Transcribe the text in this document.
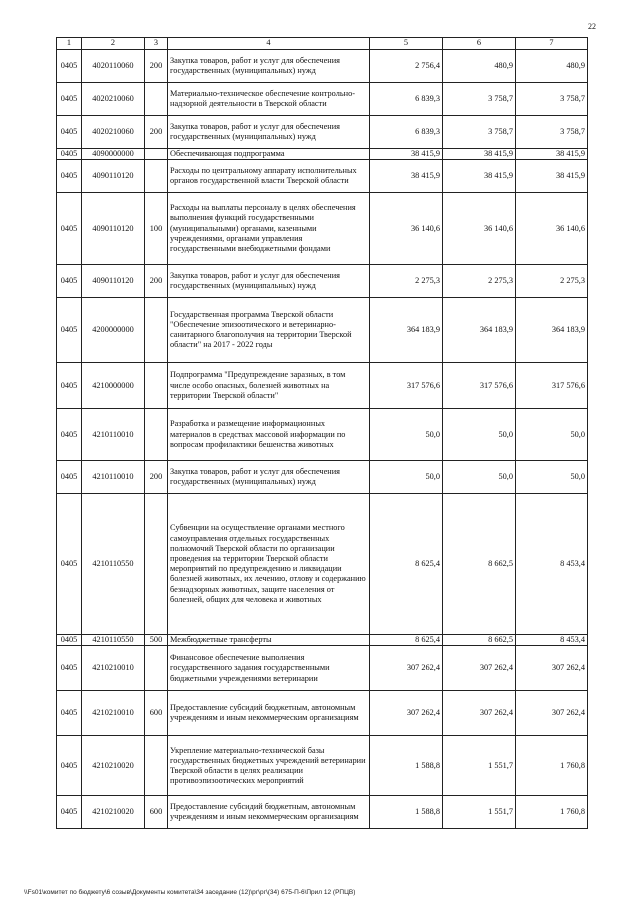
22
1	2	3	4	5	6	7
0405	4020110060	200	Закупка товаров, работ и услуг для обеспечения государственных (муниципальных) нужд	2 756,4	480,9	480,9
0405	4020210060		Материально-техническое обеспечение контрольно-надзорной деятельности в Тверской области	6 839,3	3 758,7	3 758,7
0405	4020210060	200	Закупка товаров, работ и услуг для обеспечения государственных (муниципальных) нужд	6 839,3	3 758,7	3 758,7
0405	4090000000		Обеспечивающая подпрограмма	38 415,9	38 415,9	38 415,9
0405	4090110120		Расходы по центральному аппарату исполнительных органов государственной власти Тверской области	38 415,9	38 415,9	38 415,9
0405	4090110120	100	Расходы на выплаты персоналу в целях обеспечения выполнения функций государственными (муниципальными) органами, казенными учреждениями, органами управления государственными внебюджетными фондами	36 140,6	36 140,6	36 140,6
0405	4090110120	200	Закупка товаров, работ и услуг для обеспечения государственных (муниципальных) нужд	2 275,3	2 275,3	2 275,3
0405	4200000000		Государственная программа Тверской области "Обеспечение эпизоотического и ветеринарно-санитарного благополучия на территории Тверской области" на 2017 - 2022 годы	364 183,9	364 183,9	364 183,9
0405	4210000000		Подпрограмма "Предупреждение заразных, в том числе особо опасных, болезней животных на территории Тверской области"	317 576,6	317 576,6	317 576,6
0405	4210110010		Разработка и размещение информационных материалов в средствах массовой информации по вопросам профилактики бешенства животных	50,0	50,0	50,0
0405	4210110010	200	Закупка товаров, работ и услуг для обеспечения государственных (муниципальных) нужд	50,0	50,0	50,0
0405	4210110550		Субвенции на осуществление органами местного самоуправления отдельных государственных полномочий Тверской области по организации проведения на территории Тверской области мероприятий по предупреждению и ликвидации болезней животных, их лечению, отлову и содержанию безнадзорных животных, защите населения от болезней, общих для человека и животных	8 625,4	8 662,5	8 453,4
0405	4210110550	500	Межбюджетные трансферты	8 625,4	8 662,5	8 453,4
0405	4210210010		Финансовое обеспечение выполнения государственного задания государственными бюджетными учреждениями ветеринарии	307 262,4	307 262,4	307 262,4
0405	4210210010	600	Предоставление субсидий бюджетным, автономным учреждениям и иным некоммерческим организациям	307 262,4	307 262,4	307 262,4
0405	4210210020		Укрепление материально-технической базы государственных бюджетных учреждений ветеринарии Тверской области в целях реализации противоэпизоотических мероприятий	1 588,8	1 551,7	1 760,8
0405	4210210020	600	Предоставление субсидий бюджетным, автономным учреждениям и иным некоммерческим организациям	1 588,8	1 551,7	1 760,8
\\Fs01\комитет по бюджету\6 созыв\Документы комитета\34 заседание (12)\рг\рг\(34) 675-П-6\Прил 12 (РПЦВ)
